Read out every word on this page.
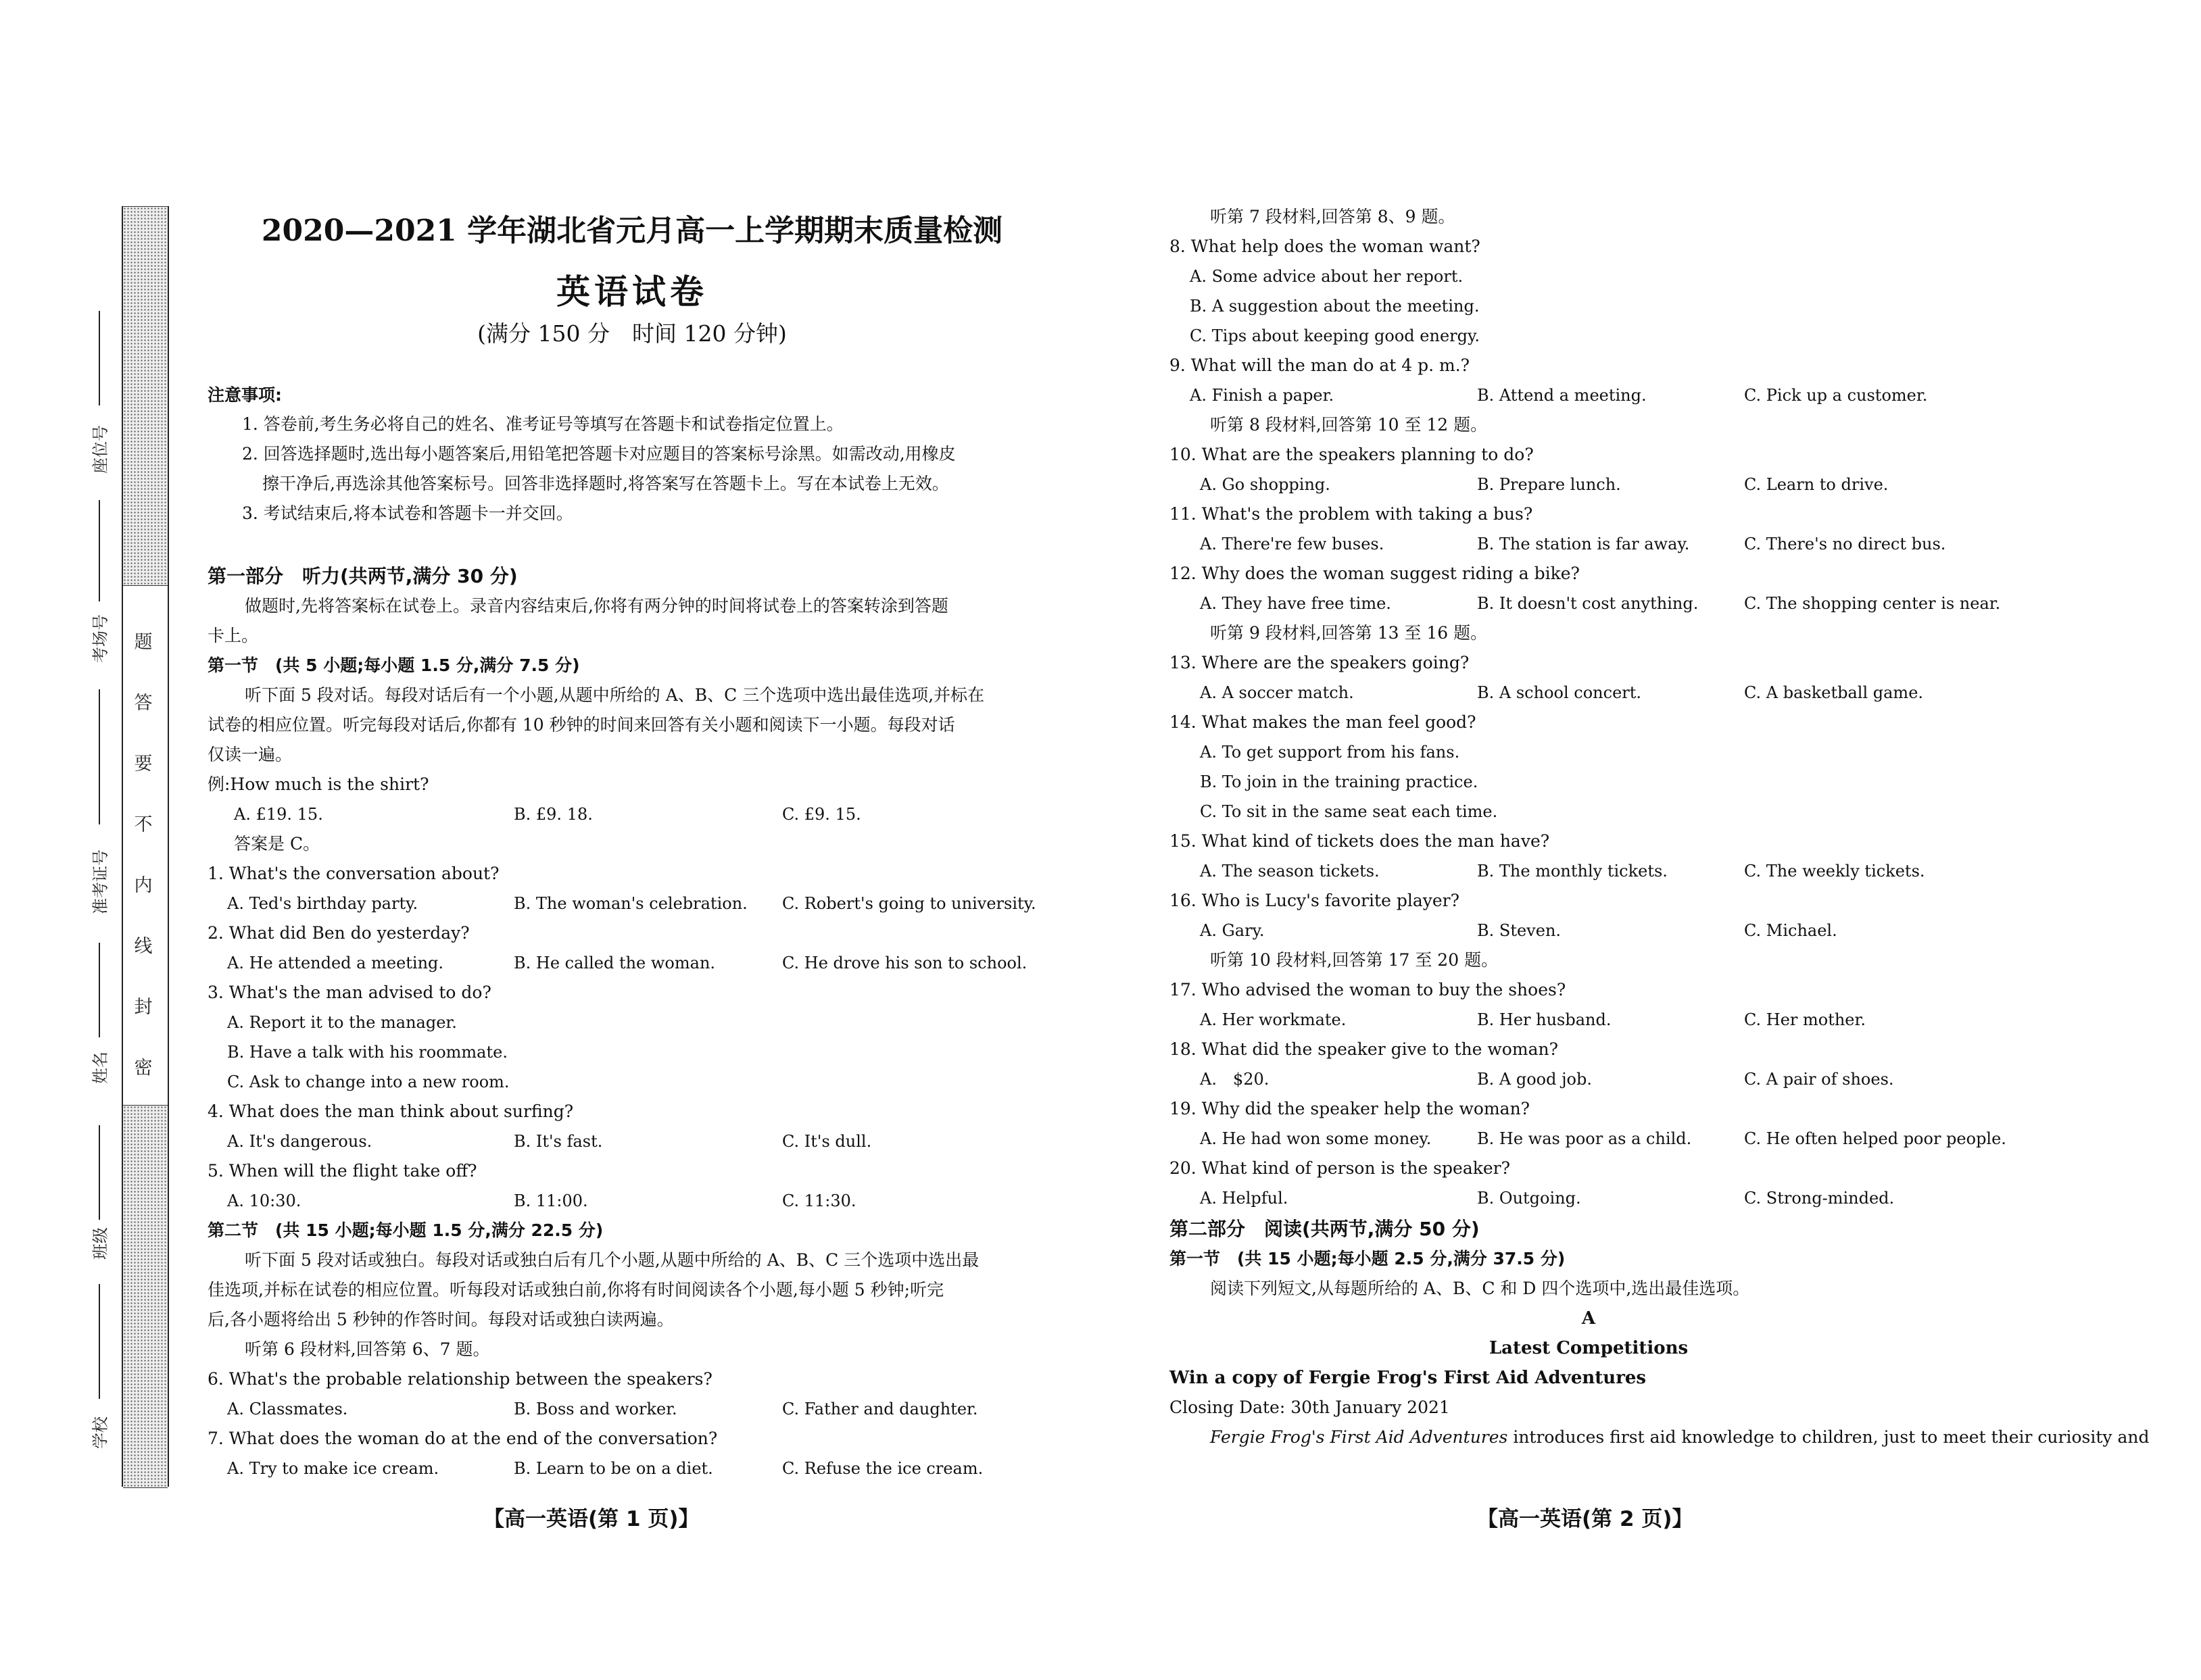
题
答
要
不
内
线
封
密
座位号
考场号
准考证号
姓名
班级
学校
2020—2021 学年湖北省元月高一上学期期末质量检测
英语试卷
(满分 150 分　时间 120 分钟)
注意事项:
1. 答卷前,考生务必将自己的姓名、准考证号等填写在答题卡和试卷指定位置上。
2. 回答选择题时,选出每小题答案后,用铅笔把答题卡对应题目的答案标号涂黑。如需改动,用橡皮
擦干净后,再选涂其他答案标号。回答非选择题时,将答案写在答题卡上。写在本试卷上无效。
3. 考试结束后,将本试卷和答题卡一并交回。
第一部分　听力(共两节,满分 30 分)
做题时,先将答案标在试卷上。录音内容结束后,你将有两分钟的时间将试卷上的答案转涂到答题
卡上。
第一节　(共 5 小题;每小题 1.5 分,满分 7.5 分)
听下面 5 段对话。每段对话后有一个小题,从题中所给的 A、B、C 三个选项中选出最佳选项,并标在
试卷的相应位置。听完每段对话后,你都有 10 秒钟的时间来回答有关小题和阅读下一小题。每段对话
仅读一遍。
例:How much is the shirt?
A. £19. 15.	B. £9. 18.	C. £9. 15.
答案是 C。
1. What's the conversation about?
A. Ted's birthday party.	B. The woman's celebration. C. Robert's going to university.
2. What did Ben do yesterday?
A. He attended a meeting.	B. He called the woman.	C. He drove his son to school.
3. What's the man advised to do?
A. Report it to the manager.
B. Have a talk with his roommate.
C. Ask to change into a new room.
4. What does the man think about surfing?
A. It's dangerous.	B. It's fast.	C. It's dull.
5. When will the flight take off?
A. 10:30.	B. 11:00.	C. 11:30.
第二节　(共 15 小题;每小题 1.5 分,满分 22.5 分)
听下面 5 段对话或独白。每段对话或独白后有几个小题,从题中所给的 A、B、C 三个选项中选出最
佳选项,并标在试卷的相应位置。听每段对话或独白前,你将有时间阅读各个小题,每小题 5 秒钟;听完
后,各小题将给出 5 秒钟的作答时间。每段对话或独白读两遍。
听第 6 段材料,回答第 6、7 题。
6. What's the probable relationship between the speakers?
A. Classmates.	B. Boss and worker.	C. Father and daughter.
7. What does the woman do at the end of the conversation?
A. Try to make ice cream.	B. Learn to be on a diet.	C. Refuse the ice cream.
听第 7 段材料,回答第 8、9 题。
8. What help does the woman want?
A. Some advice about her report.
B. A suggestion about the meeting.
C. Tips about keeping good energy.
9. What will the man do at 4 p. m.?
A. Finish a paper.	B. Attend a meeting.	C. Pick up a customer.
听第 8 段材料,回答第 10 至 12 题。
10. What are the speakers planning to do?
A. Go shopping.	B. Prepare lunch.	C. Learn to drive.
11. What's the problem with taking a bus?
A. There're few buses.	B. The station is far away.	C. There's no direct bus.
12. Why does the woman suggest riding a bike?
A. They have free time.	B. It doesn't cost anything.	C. The shopping center is near.
听第 9 段材料,回答第 13 至 16 题。
13. Where are the speakers going?
A. A soccer match.	B. A school concert.	C. A basketball game.
14. What makes the man feel good?
A. To get support from his fans.
B. To join in the training practice.
C. To sit in the same seat each time.
15. What kind of tickets does the man have?
A. The season tickets.	B. The monthly tickets.	C. The weekly tickets.
16. Who is Lucy's favorite player?
A. Gary.	B. Steven.	C. Michael.
听第 10 段材料,回答第 17 至 20 题。
17. Who advised the woman to buy the shoes?
A. Her workmate.	B. Her husband.	C. Her mother.
18. What did the speaker give to the woman?
A.　$20.	B. A good job.	C. A pair of shoes.
19. Why did the speaker help the woman?
A. He had won some money.	B. He was poor as a child.	C. He often helped poor people.
20. What kind of person is the speaker?
A. Helpful.	B. Outgoing.	C. Strong-minded.
第二部分　阅读(共两节,满分 50 分)
第一节　(共 15 小题;每小题 2.5 分,满分 37.5 分)
阅读下列短文,从每题所给的 A、B、C 和 D 四个选项中,选出最佳选项。
A
Latest Competitions
Win a copy of Fergie Frog's First Aid Adventures
Closing Date: 30th January 2021
Fergie Frog's First Aid Adventures introduces first aid knowledge to children, just to meet their curiosity and
【高一英语(第 1 页)】	【高一英语(第 2 页)】
